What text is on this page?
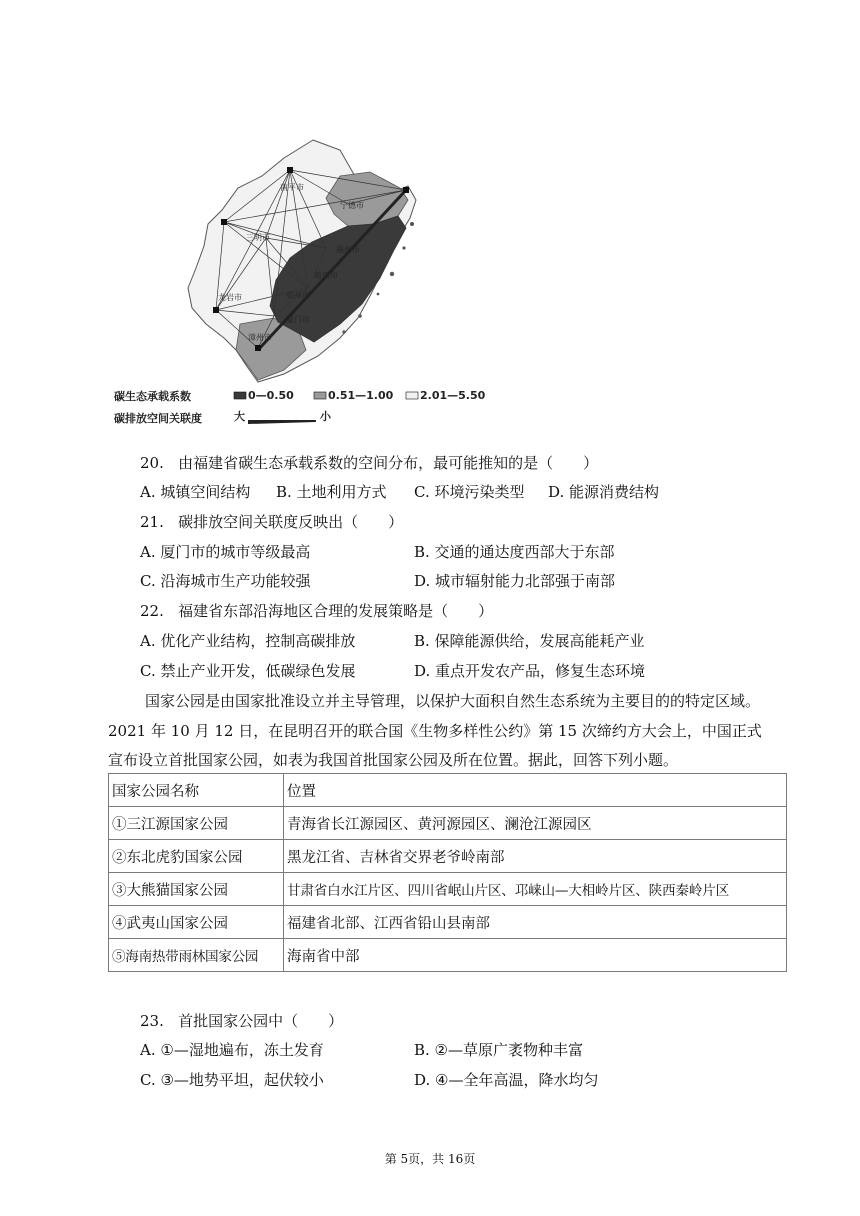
南平市
宁德市
三明市
福州市
莆田市
龙岩市	泉州市
厦门市
漳州市
碳生态承载系数	0—0.50	0.51—1.00 2.01—5.50
碳排放空间关联度	大	小
20. 由福建省碳生态承载系数的空间分布，最可能推知的是（　　）
A. 城镇空间结构 B. 土地利用方式 C. 环境污染类型 D. 能源消费结构
21. 碳排放空间关联度反映出（　　）
A. 厦门市的城市等级最高	B. 交通的通达度西部大于东部
C. 沿海城市生产功能较强	D. 城市辐射能力北部强于南部
22. 福建省东部沿海地区合理的发展策略是（　　）
A. 优化产业结构，控制高碳排放	B. 保障能源供给，发展高能耗产业
C. 禁止产业开发，低碳绿色发展	D. 重点开发农产品，修复生态环境
国家公园是由国家批准设立并主导管理，以保护大面积自然生态系统为主要目的的特定区域。
2021 年 10 月 12 日，在昆明召开的联合国《生物多样性公约》第 15 次缔约方大会上，中国正式
宣布设立首批国家公园，如表为我国首批国家公园及所在位置。据此，回答下列小题。
国家公园名称	位置
①三江源国家公园	青海省长江源园区、黄河源园区、澜沧江源园区
②东北虎豹国家公园	黑龙江省、吉林省交界老爷岭南部
③大熊猫国家公园	甘肃省白水江片区、四川省岷山片区、邛崃山—大相岭片区、陕西秦岭片区
④武夷山国家公园	福建省北部、江西省铅山县南部
⑤海南热带雨林国家公园	海南省中部
23. 首批国家公园中（　　）
A. ①—湿地遍布，冻土发育	B. ②—草原广袤物种丰富
C. ③—地势平坦，起伏较小	D. ④—全年高温，降水均匀
第 5页，共 16页
